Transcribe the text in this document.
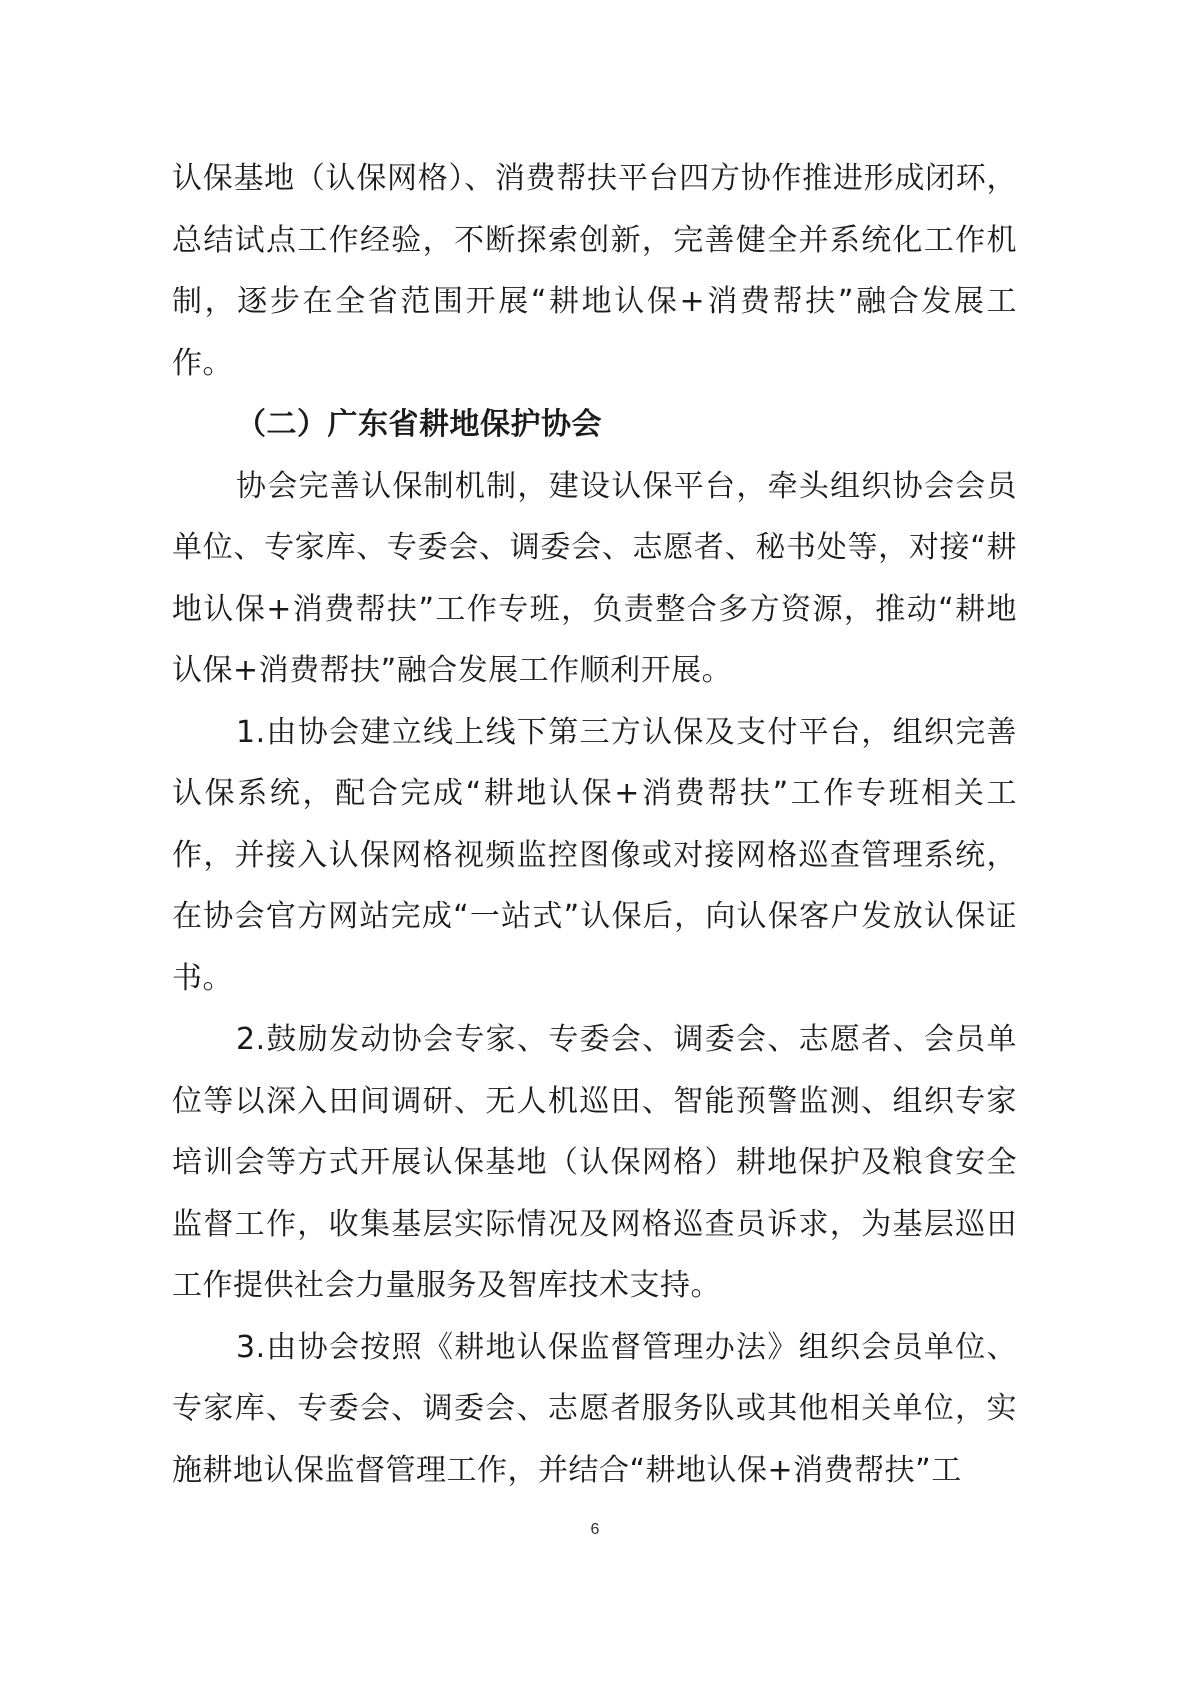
认保基地（认保网格）、消费帮扶平台四方协作推进形成闭环，总结试点工作经验，不断探索创新，完善健全并系统化工作机制，逐步在全省范围开展“耕地认保+消费帮扶”融合发展工作。

（二）广东省耕地保护协会

协会完善认保制机制，建设认保平台，牵头组织协会会员单位、专家库、专委会、调委会、志愿者、秘书处等，对接“耕地认保+消费帮扶”工作专班，负责整合多方资源，推动“耕地认保+消费帮扶”融合发展工作顺利开展。

1.由协会建立线上线下第三方认保及支付平台，组织完善认保系统，配合完成“耕地认保+消费帮扶”工作专班相关工作，并接入认保网格视频监控图像或对接网格巡查管理系统，在协会官方网站完成“一站式”认保后，向认保客户发放认保证书。

2.鼓励发动协会专家、专委会、调委会、志愿者、会员单位等以深入田间调研、无人机巡田、智能预警监测、组织专家培训会等方式开展认保基地（认保网格）耕地保护及粮食安全监督工作，收集基层实际情况及网格巡查员诉求，为基层巡田工作提供社会力量服务及智库技术支持。

3.由协会按照《耕地认保监督管理办法》组织会员单位、专家库、专委会、调委会、志愿者服务队或其他相关单位，实施耕地认保监督管理工作，并结合“耕地认保+消费帮扶”工

6
